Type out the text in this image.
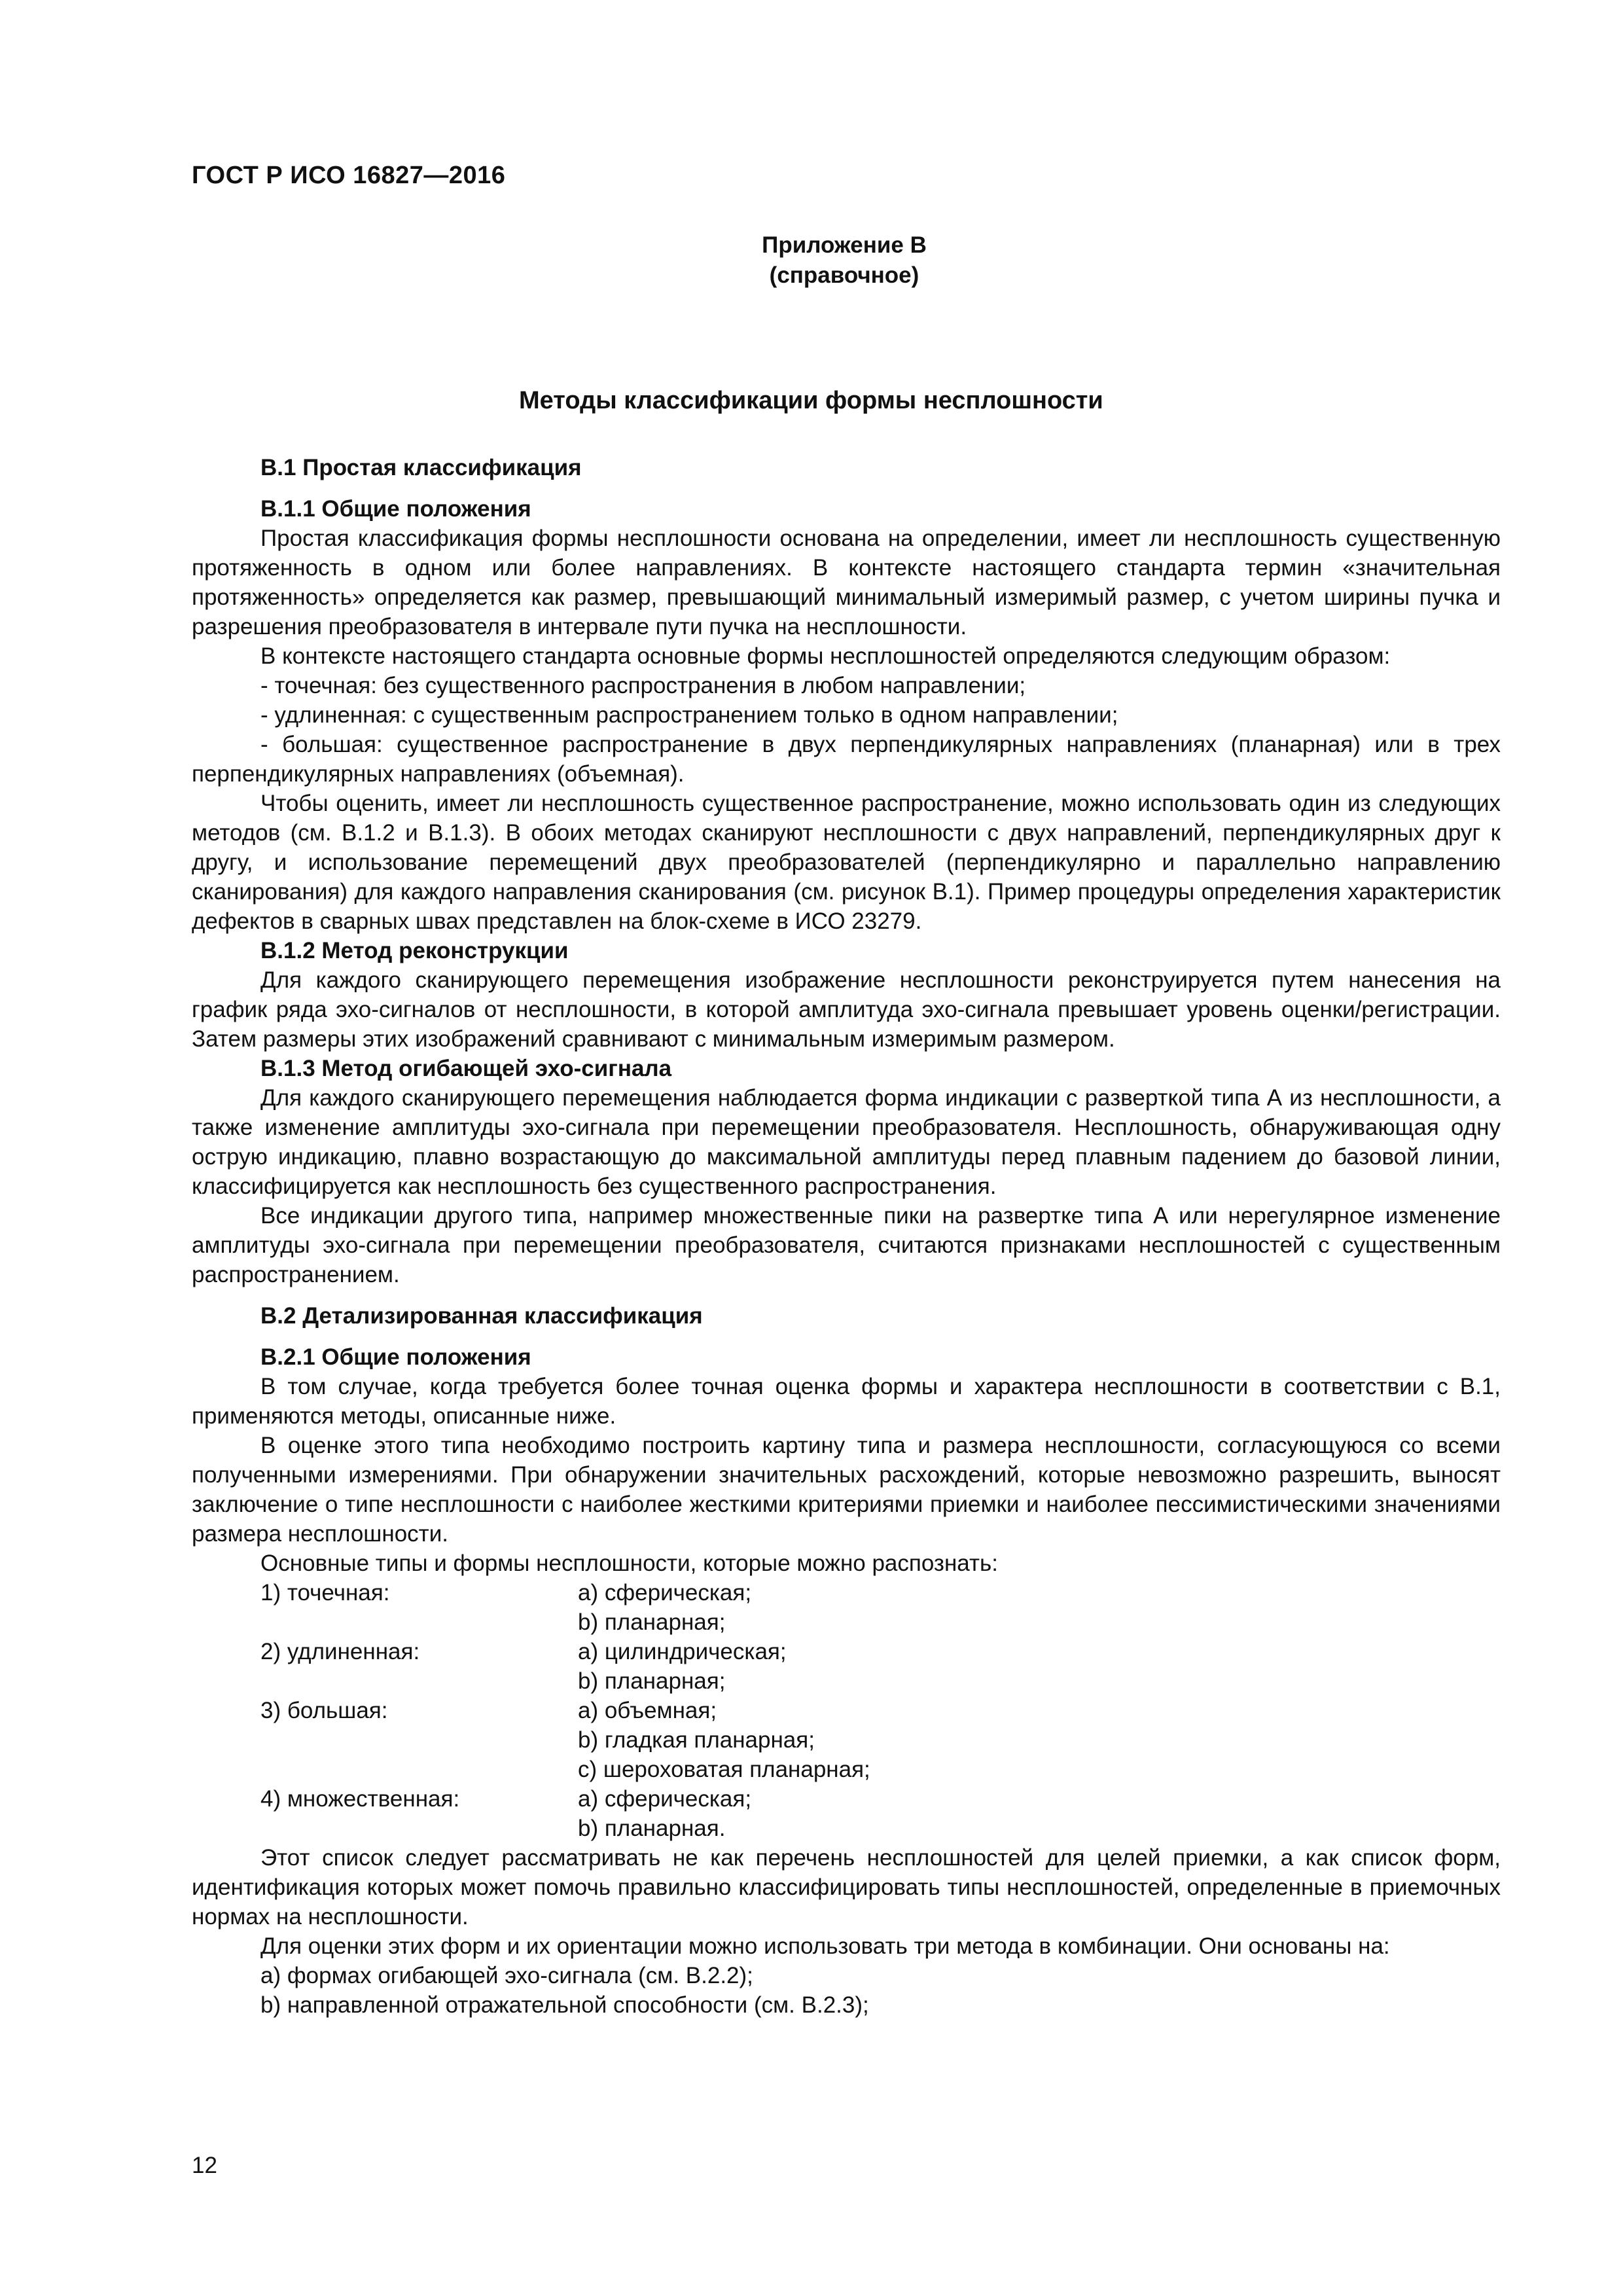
ГОСТ Р ИСО 16827—2016
Приложение В
(справочное)
Методы классификации формы несплошности

В.1 Простая классификация

В.1.1 Общие положения

Простая классификация формы несплошности основана на определении, имеет ли несплошность существенную протяженность в одном или более направлениях. В контексте настоящего стандарта термин «значительная протяженность» определяется как размер, превышающий минимальный измеримый размер, с учетом ширины пучка и разрешения преобразователя в интервале пути пучка на несплошности.

В контексте настоящего стандарта основные формы несплошностей определяются следующим образом:

- точечная: без существенного распространения в любом направлении;

- удлиненная: с существенным распространением только в одном направлении;

- большая: существенное распространение в двух перпендикулярных направлениях (планарная) или в трех перпендикулярных направлениях (объемная).

Чтобы оценить, имеет ли несплошность существенное распространение, можно использовать один из следующих методов (см. В.1.2 и В.1.3). В обоих методах сканируют несплошности с двух направлений, перпендикулярных друг к другу, и использование перемещений двух преобразователей (перпендикулярно и параллельно направлению сканирования) для каждого направления сканирования (см. рисунок В.1). Пример процедуры определения характеристик дефектов в сварных швах представлен на блок-схеме в ИСО 23279.

В.1.2 Метод реконструкции

Для каждого сканирующего перемещения изображение несплошности реконструируется путем нанесения на график ряда эхо-сигналов от несплошности, в которой амплитуда эхо-сигнала превышает уровень оценки/регистрации. Затем размеры этих изображений сравнивают с минимальным измеримым размером.

В.1.3 Метод огибающей эхо-сигнала

Для каждого сканирующего перемещения наблюдается форма индикации с разверткой типа А из несплошности, а также изменение амплитуды эхо-сигнала при перемещении преобразователя. Несплошность, обнаруживающая одну острую индикацию, плавно возрастающую до максимальной амплитуды перед плавным падением до базовой линии, классифицируется как несплошность без существенного распространения.

Все индикации другого типа, например множественные пики на развертке типа А или нерегулярное изменение амплитуды эхо-сигнала при перемещении преобразователя, считаются признаками несплошностей с существенным распространением.

В.2 Детализированная классификация

В.2.1 Общие положения

В том случае, когда требуется более точная оценка формы и характера несплошности в соответствии с В.1, применяются методы, описанные ниже.

В оценке этого типа необходимо построить картину типа и размера несплошности, согласующуюся со всеми полученными измерениями. При обнаружении значительных расхождений, которые невозможно разрешить, выносят заключение о типе несплошности с наиболее жесткими критериями приемки и наиболее пессимистическими значениями размера несплошности.

Основные типы и формы несплошности, которые можно распознать:

1) точечная:	a) сферическая;
b) планарная;
2) удлиненная:	a) цилиндрическая;
b) планарная;
3) большая:	a) объемная;
b) гладкая планарная;
c) шероховатая планарная;
4) множественная:	a) сферическая;
b) планарная.

Этот список следует рассматривать не как перечень несплошностей для целей приемки, а как список форм, идентификация которых может помочь правильно классифицировать типы несплошностей, определенные в приемочных нормах на несплошности.

Для оценки этих форм и их ориентации можно использовать три метода в комбинации. Они основаны на:

a) формах огибающей эхо-сигнала (см. В.2.2);

b) направленной отражательной способности (см. В.2.3);

12
